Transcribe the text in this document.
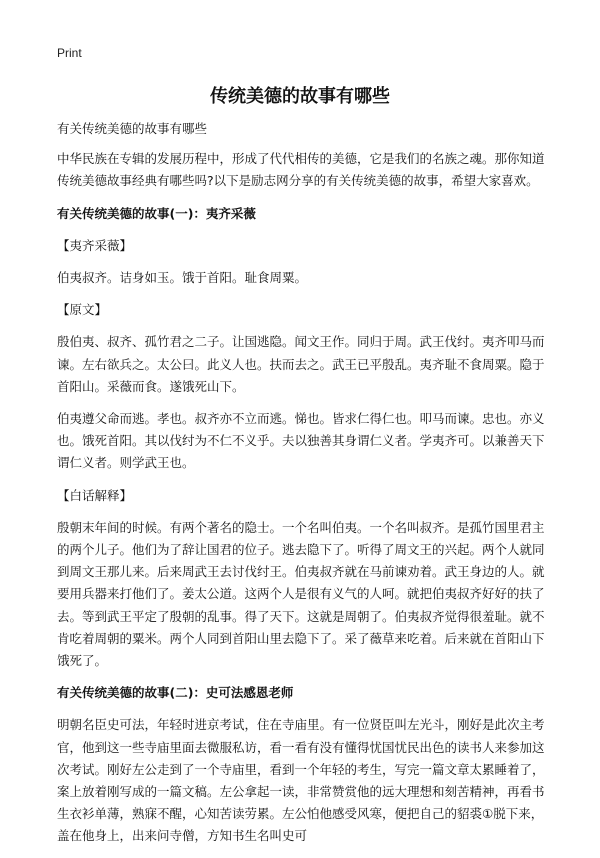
Print
传统美德的故事有哪些

有关传统美德的故事有哪些

中华民族在专辑的发展历程中，形成了代代相传的美德，它是我们的名族之魂。那你知道传统美德故事经典有哪些吗?以下是励志网分享的有关传统美德的故事，希望大家喜欢。

有关传统美德的故事(一)：夷齐采薇

【夷齐采薇】

伯夷叔齐。诘身如玉。饿于首阳。耻食周粟。

【原文】

殷伯夷、叔齐、孤竹君之二子。让国逃隐。闻文王作。同归于周。武王伐纣。夷齐叩马而谏。左右欲兵之。太公曰。此义人也。扶而去之。武王已平殷乱。夷齐耻不食周粟。隐于首阳山。采薇而食。遂饿死山下。

伯夷遵父命而逃。孝也。叔齐亦不立而逃。悌也。皆求仁得仁也。叩马而谏。忠也。亦义也。饿死首阳。其以伐纣为不仁不义乎。夫以独善其身谓仁义者。学夷齐可。以兼善天下谓仁义者。则学武王也。

【白话解释】

殷朝末年间的时候。有两个著名的隐士。一个名叫伯夷。一个名叫叔齐。是孤竹国里君主的两个儿子。他们为了辞让国君的位子。逃去隐下了。听得了周文王的兴起。两个人就同到周文王那儿来。后来周武王去讨伐纣王。伯夷叔齐就在马前谏劝着。武王身边的人。就要用兵器来打他们了。姜太公道。这两个人是很有义气的人呵。就把伯夷叔齐好好的扶了去。等到武王平定了殷朝的乱事。得了天下。这就是周朝了。伯夷叔齐觉得很羞耻。就不肯吃着周朝的粟米。两个人同到首阳山里去隐下了。采了薇草来吃着。后来就在首阳山下饿死了。

有关传统美德的故事(二)：史可法感恩老师

明朝名臣史可法，年轻时进京考试，住在寺庙里。有一位贤臣叫左光斗，刚好是此次主考官，他到这一些寺庙里面去微服私访，看一看有没有懂得忧国忧民出色的读书人来参加这次考试。刚好左公走到了一个寺庙里，看到一个年轻的考生，写完一篇文章太累睡着了，案上放着刚写成的一篇文稿。左公拿起一读，非常赞赏他的远大理想和刻苦精神，再看书生衣衫单薄，熟寐不醒，心知苦读劳累。左公怕他感受风寒，便把自己的貂裘①脱下来，盖在他身上，出来问寺僧，方知书生名叫史可
